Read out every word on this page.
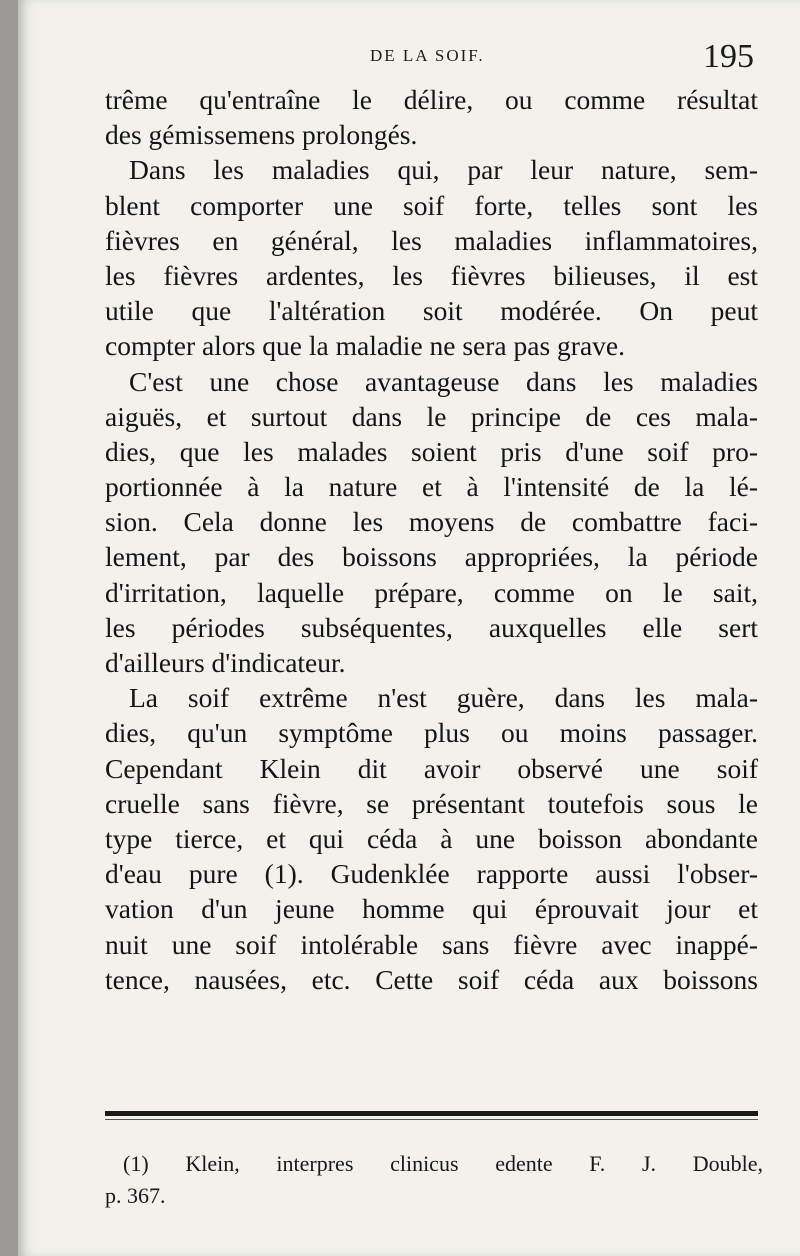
DE LA SOIF.	195
trême qu'entraîne le délire, ou comme résultat
des gémissemens prolongés.
Dans les maladies qui, par leur nature, sem-
blent comporter une soif forte, telles sont les
fièvres en général, les maladies inflammatoires,
les fièvres ardentes, les fièvres bilieuses, il est
utile que l'altération soit modérée. On peut
compter alors que la maladie ne sera pas grave.
C'est une chose avantageuse dans les maladies
aiguës, et surtout dans le principe de ces mala-
dies, que les malades soient pris d'une soif pro-
portionnée à la nature et à l'intensité de la lé-
sion. Cela donne les moyens de combattre faci-
lement, par des boissons appropriées, la période
d'irritation, laquelle prépare, comme on le sait,
les périodes subséquentes, auxquelles elle sert
d'ailleurs d'indicateur.
La soif extrême n'est guère, dans les mala-
dies, qu'un symptôme plus ou moins passager.
Cependant Klein dit avoir observé une soif
cruelle sans fièvre, se présentant toutefois sous le
type tierce, et qui céda à une boisson abondante
d'eau pure (1). Gudenklée rapporte aussi l'obser-
vation d'un jeune homme qui éprouvait jour et
nuit une soif intolérable sans fièvre avec inappé-
tence, nausées, etc. Cette soif céda aux boissons
(1) Klein, interpres clinicus edente F. J. Double,
p. 367.
